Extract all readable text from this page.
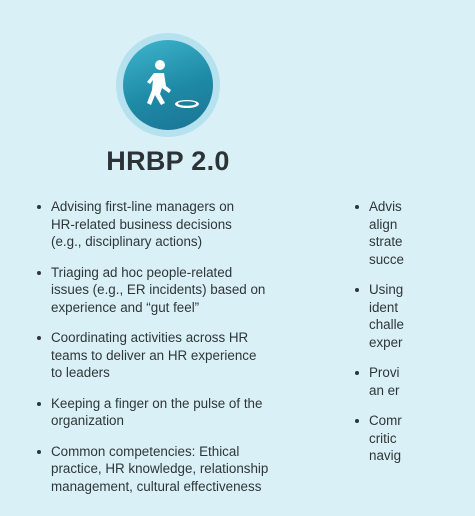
HRBP 2.0
Advising first-line managers on
HR-related business decisions
(e.g., disciplinary actions)
Triaging ad hoc people-related
issues (e.g., ER incidents) based on
experience and “gut feel”
Coordinating activities across HR
teams to deliver an HR experience
to leaders
Keeping a finger on the pulse of the
organization
Common competencies: Ethical
practice, HR knowledge, relationship
management, cultural effectiveness
Advis
align
strate
succe
Using
ident
challe
exper
Provi
an er
Comr
critic
navig
